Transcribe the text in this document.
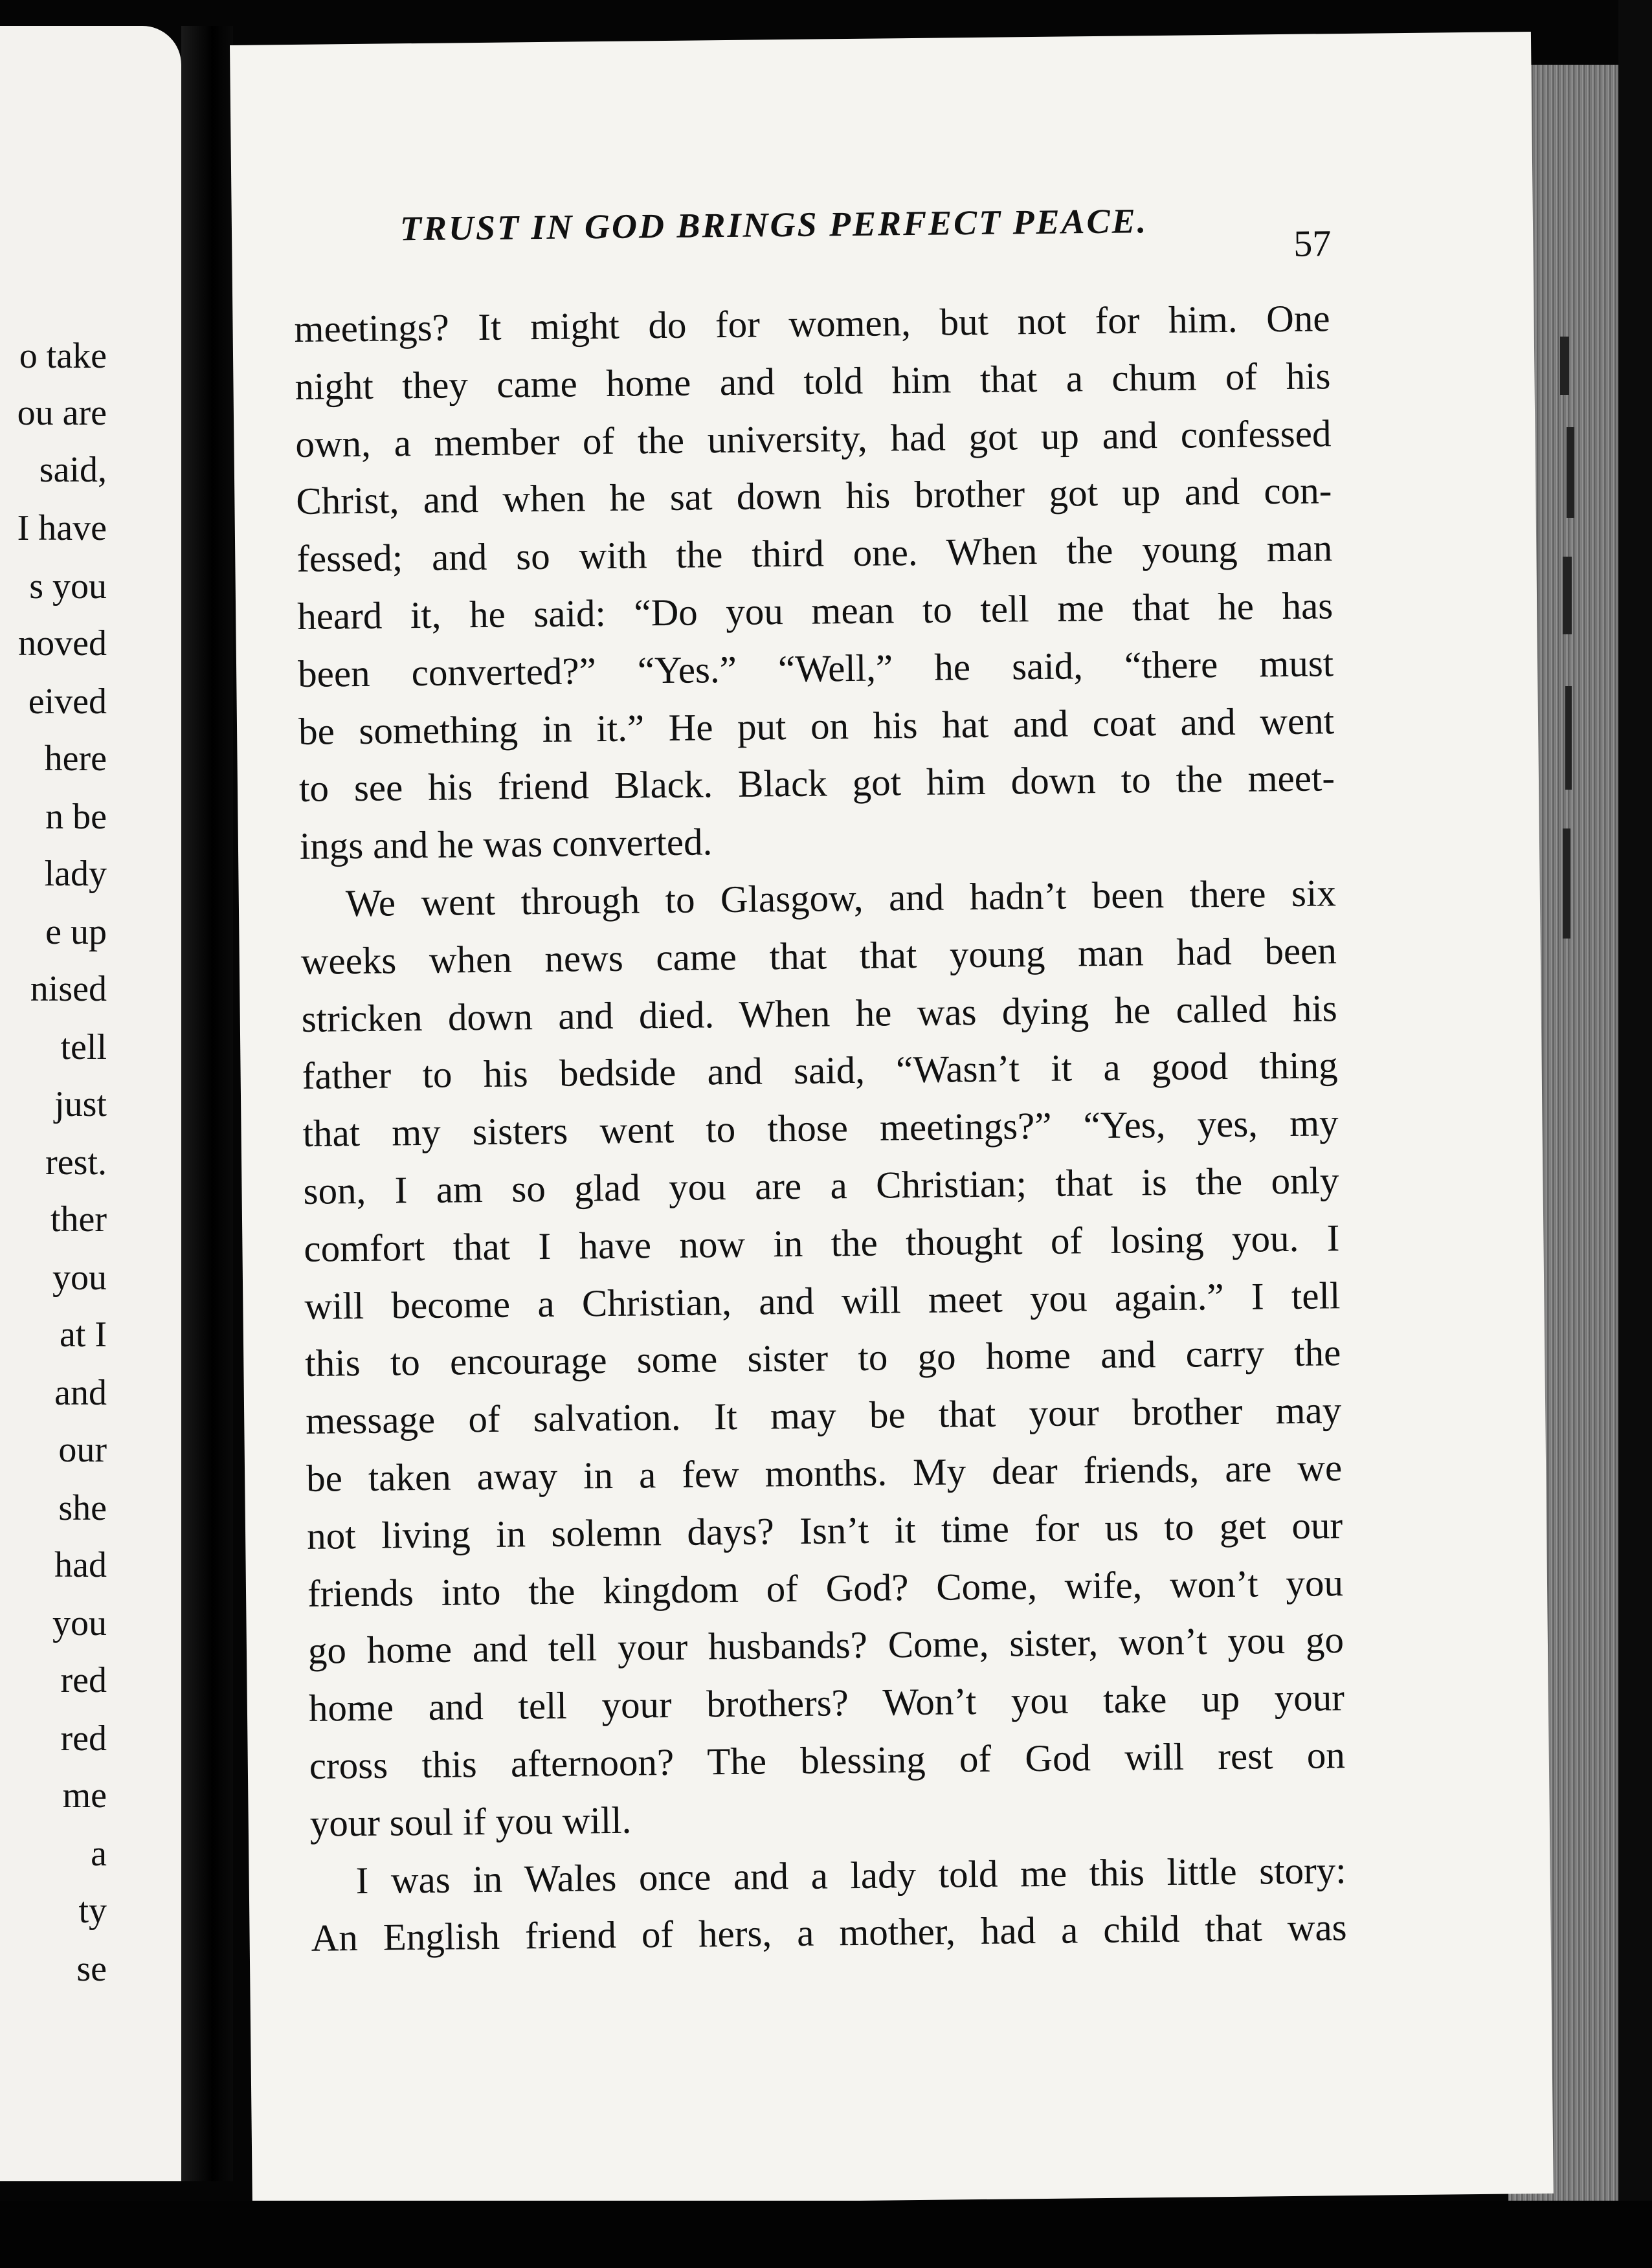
o take
ou are
said,
I have
s you
noved
eived
here
n be
lady
e up
nised
tell
just
rest.
ther
you
at I
and
our
she
had
you
red
red
me
a
ty
se
TRUST IN GOD BRINGS PERFECT PEACE.	57
meetings? It might do for women, but not for him. One
night they came home and told him that a chum of his
own, a member of the university, had got up and confessed
Christ, and when he sat down his brother got up and con-
fessed; and so with the third one. When the young man
heard it, he said: “Do you mean to tell me that he has
been converted?” “Yes.” “Well,” he said, “there must
be something in it.” He put on his hat and coat and went
to see his friend Black. Black got him down to the meet-
ings and he was converted.
We went through to Glasgow, and hadn’t been there six
weeks when news came that that young man had been
stricken down and died. When he was dying he called his
father to his bedside and said, “Wasn’t it a good thing
that my sisters went to those meetings?” “Yes, yes, my
son, I am so glad you are a Christian; that is the only
comfort that I have now in the thought of losing you. I
will become a Christian, and will meet you again.” I tell
this to encourage some sister to go home and carry the
message of salvation. It may be that your brother may
be taken away in a few months. My dear friends, are we
not living in solemn days? Isn’t it time for us to get our
friends into the kingdom of God? Come, wife, won’t you
go home and tell your husbands? Come, sister, won’t you go
home and tell your brothers? Won’t you take up your
cross this afternoon? The blessing of God will rest on
your soul if you will.
I was in Wales once and a lady told me this little story:
An English friend of hers, a mother, had a child that was
